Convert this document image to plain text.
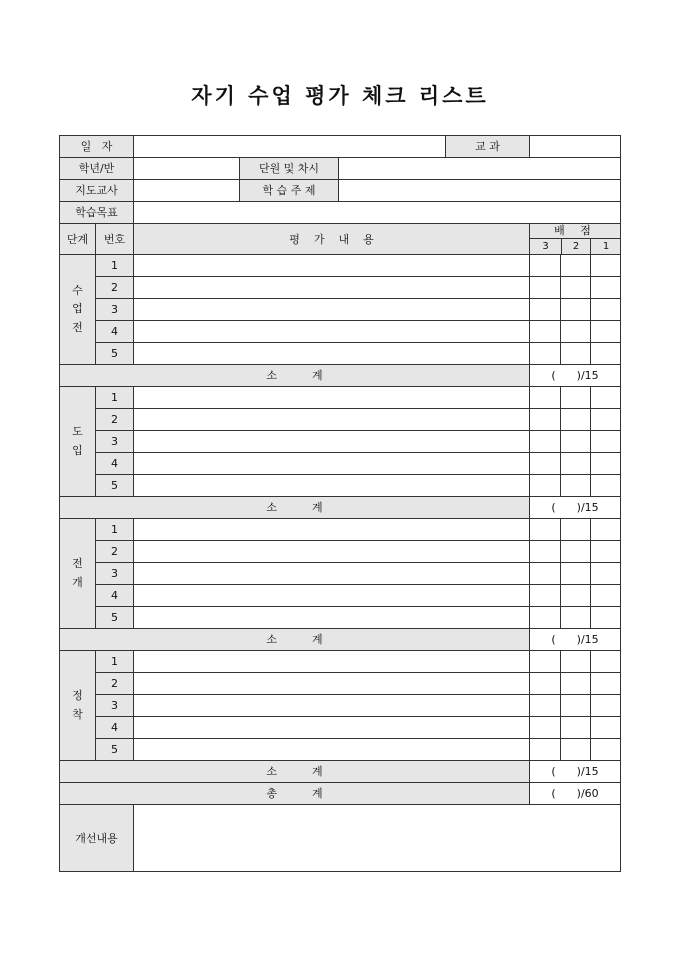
자기 수업 평가 체크 리스트
일   자					교 과			
학년/반			단원 및 차시					
지도교사			학 습 주 제					
학습목표								
단계	번호	평    가    내    용				배 점
3 2 1		

수
업
전	1							
	2							
	3							
	4							
	5							
소          계						(      )/15		

도
입	1							
	2							
	3							
	4							
	5							
소          계						(      )/15		

전
개	1							
	2							
	3							
	4							
	5							
소          계						(      )/15		

정
착	1							
	2							
	3							
	4							
	5							
소          계						(      )/15		
총          계						(      )/60		
개선내용								
